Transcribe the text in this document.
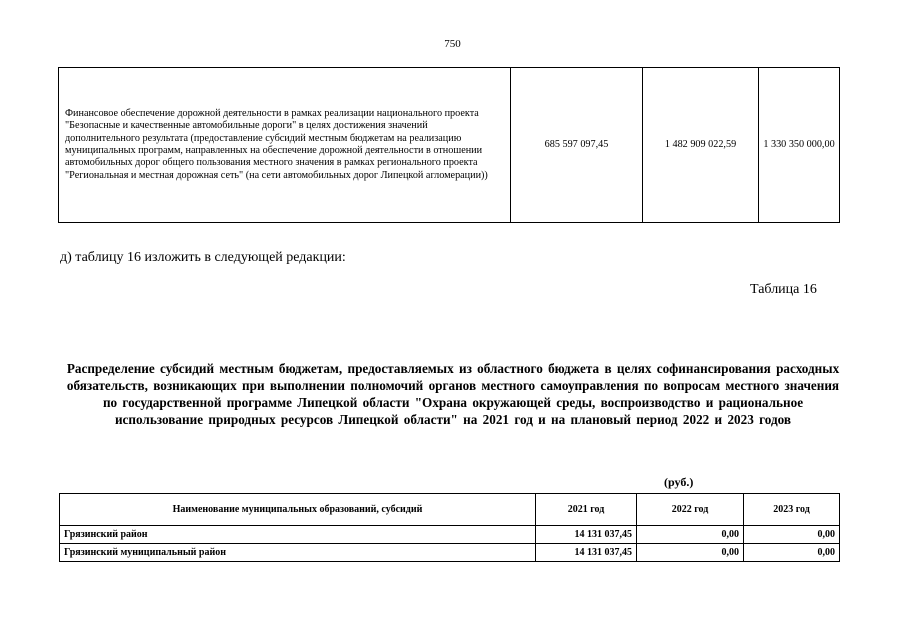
750
Финансовое обеспечение дорожной деятельности в рамках реализации национального проекта "Безопасные и качественные автомобильные дороги" в целях достижения значений дополнительного результата (предоставление субсидий местным бюджетам на реализацию муниципальных программ, направленных на обеспечение дорожной деятельности в отношении автомобильных дорог общего пользования местного значения в рамках регионального проекта "Региональная и местная дорожная сеть" (на сети автомобильных дорог Липецкой агломерации))	685 597 097,45	1 482 909 022,59	1 330 350 000,00
д) таблицу 16 изложить в следующей редакции:
Таблица 16
Распределение субсидий местным бюджетам, предоставляемых из областного бюджета в целях софинансирования расходных обязательств, возникающих при выполнении полномочий органов местного самоуправления по вопросам местного значения по государственной программе Липецкой области "Охрана окружающей среды, воспроизводство и рациональное использование природных ресурсов Липецкой области" на 2021 год и на плановый период 2022 и 2023 годов
(руб.)
Наименование муниципальных образований, субсидий	2021 год	2022 год	2023 год
Грязинский район	14 131 037,45	0,00	0,00
Грязинский муниципальный район	14 131 037,45	0,00	0,00
